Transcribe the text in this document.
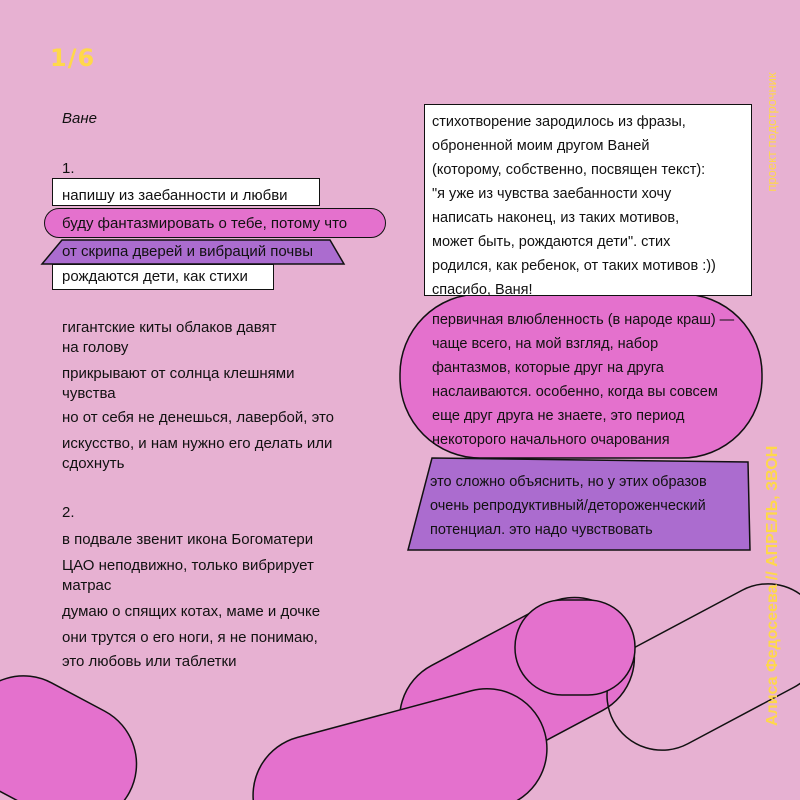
1/6
проект подстрочник
Алиса Федосеева // АПРЕЛЬ, ЗВОН
Ване
1.
напишу из заебанности и любви
буду фантазмировать о тебе, потому что
от скрипа дверей и вибраций почвы
рождаются дети, как стихи
гигантские киты облаков давят
на голову
прикрывают от солнца клешнями
чувства
но от себя не денешься, лавербой, это
искусство, и нам нужно его делать или
сдохнуть
2.
в подвале звенит икона Богоматери
ЦАО неподвижно, только вибрирует
матрас
думаю о спящих котах, маме и дочке
они трутся о его ноги, я не понимаю,
это любовь или таблетки
стихотворение зародилось из фразы,
оброненной моим другом Ваней
(которому, собственно, посвящен текст):
"я уже из чувства заебанности хочу
написать наконец, из таких мотивов,
может быть, рождаются дети". стих
родился, как ребенок, от таких мотивов :))
спасибо, Ваня!
первичная влюбленность (в народе краш) —
чаще всего, на мой взгляд, набор
фантазмов, которые друг на друга
наслаиваются. особенно, когда вы совсем
еще друг друга не знаете, это период
некоторого начального очарования
это сложно объяснить, но у этих образов
очень репродуктивный/детороженческий
потенциал. это надо чувствовать
